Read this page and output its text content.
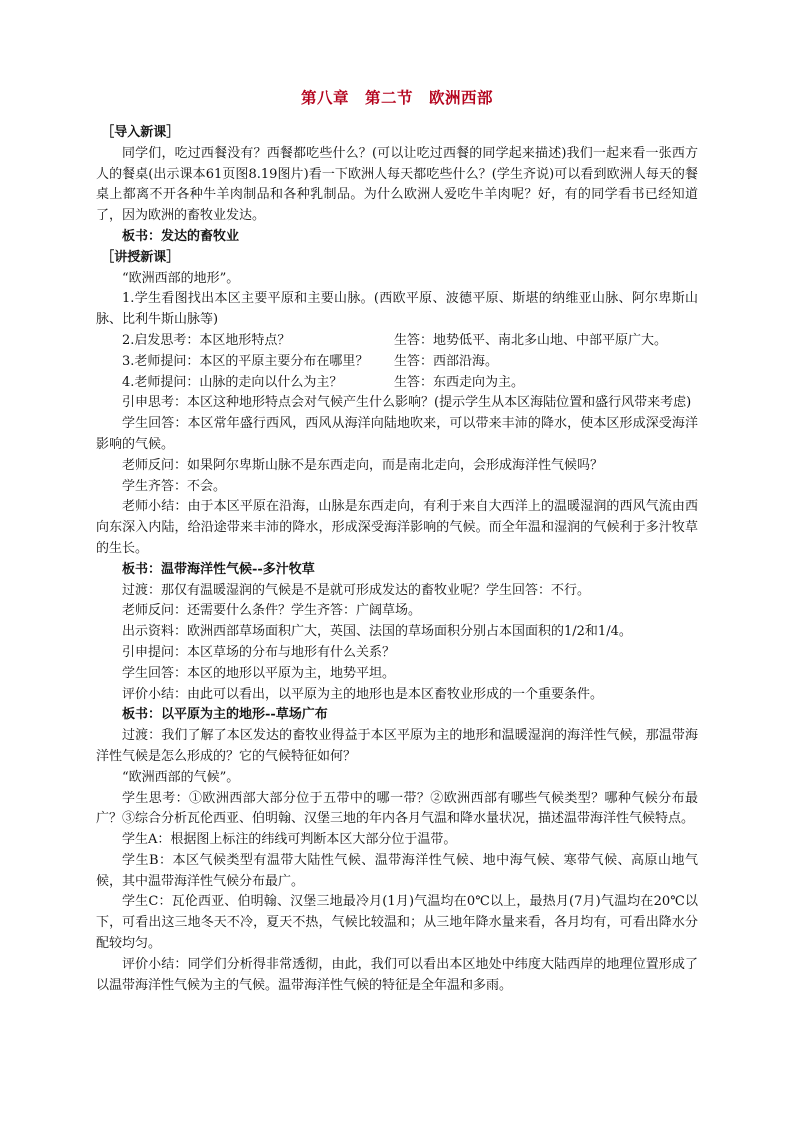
第八章　第二节　欧洲西部
［导入新课］

同学们，吃过西餐没有？西餐都吃些什么？(可以让吃过西餐的同学起来描述)我们一起来看一张西方人的餐桌(出示课本61页图8.19图片)看一下欧洲人每天都吃些什么？(学生齐说)可以看到欧洲人每天的餐桌上都离不开各种牛羊肉制品和各种乳制品。为什么欧洲人爱吃牛羊肉呢？好，有的同学看书已经知道了，因为欧洲的畜牧业发达。

板书：发达的畜牧业
［讲授新课］

“欧洲西部的地形”。

1.学生看图找出本区主要平原和主要山脉。(西欧平原、波德平原、斯堪的纳维亚山脉、阿尔卑斯山脉、比利牛斯山脉等)

2.启发思考：本区地形特点？	生答：地势低平、南北多山地、中部平原广大。
3.老师提问：本区的平原主要分布在哪里？	生答：西部沿海。
4.老师提问：山脉的走向以什么为主？	生答：东西走向为主。

引申思考：本区这种地形特点会对气候产生什么影响？(提示学生从本区海陆位置和盛行风带来考虑)

学生回答：本区常年盛行西风，西风从海洋向陆地吹来，可以带来丰沛的降水，使本区形成深受海洋影响的气候。

老师反问：如果阿尔卑斯山脉不是东西走向，而是南北走向，会形成海洋性气候吗？

学生齐答：不会。

老师小结：由于本区平原在沿海，山脉是东西走向，有利于来自大西洋上的温暖湿润的西风气流由西向东深入内陆，给沿途带来丰沛的降水，形成深受海洋影响的气候。而全年温和湿润的气候利于多汁牧草的生长。

板书：温带海洋性气候--多汁牧草

过渡：那仅有温暖湿润的气候是不是就可形成发达的畜牧业呢？学生回答：不行。

老师反问：还需要什么条件？学生齐答：广阔草场。

出示资料：欧洲西部草场面积广大，英国、法国的草场面积分别占本国面积的1/2和1/4。

引申提问：本区草场的分布与地形有什么关系？

学生回答：本区的地形以平原为主，地势平坦。

评价小结：由此可以看出，以平原为主的地形也是本区畜牧业形成的一个重要条件。

板书：以平原为主的地形--草场广布

过渡：我们了解了本区发达的畜牧业得益于本区平原为主的地形和温暖湿润的海洋性气候，那温带海洋性气候是怎么形成的？它的气候特征如何？

“欧洲西部的气候”。

学生思考：①欧洲西部大部分位于五带中的哪一带？②欧洲西部有哪些气候类型？哪种气候分布最广？③综合分析瓦伦西亚、伯明翰、汉堡三地的年内各月气温和降水量状况，描述温带海洋性气候特点。

学生A：根据图上标注的纬线可判断本区大部分位于温带。

学生B：本区气候类型有温带大陆性气候、温带海洋性气候、地中海气候、寒带气候、高原山地气候，其中温带海洋性气候分布最广。

学生C：瓦伦西亚、伯明翰、汉堡三地最冷月(1月)气温均在0℃以上，最热月(7月)气温均在20℃以下，可看出这三地冬天不冷，夏天不热，气候比较温和；从三地年降水量来看，各月均有，可看出降水分配较均匀。

评价小结：同学们分析得非常透彻，由此，我们可以看出本区地处中纬度大陆西岸的地理位置形成了以温带海洋性气候为主的气候。温带海洋性气候的特征是全年温和多雨。
